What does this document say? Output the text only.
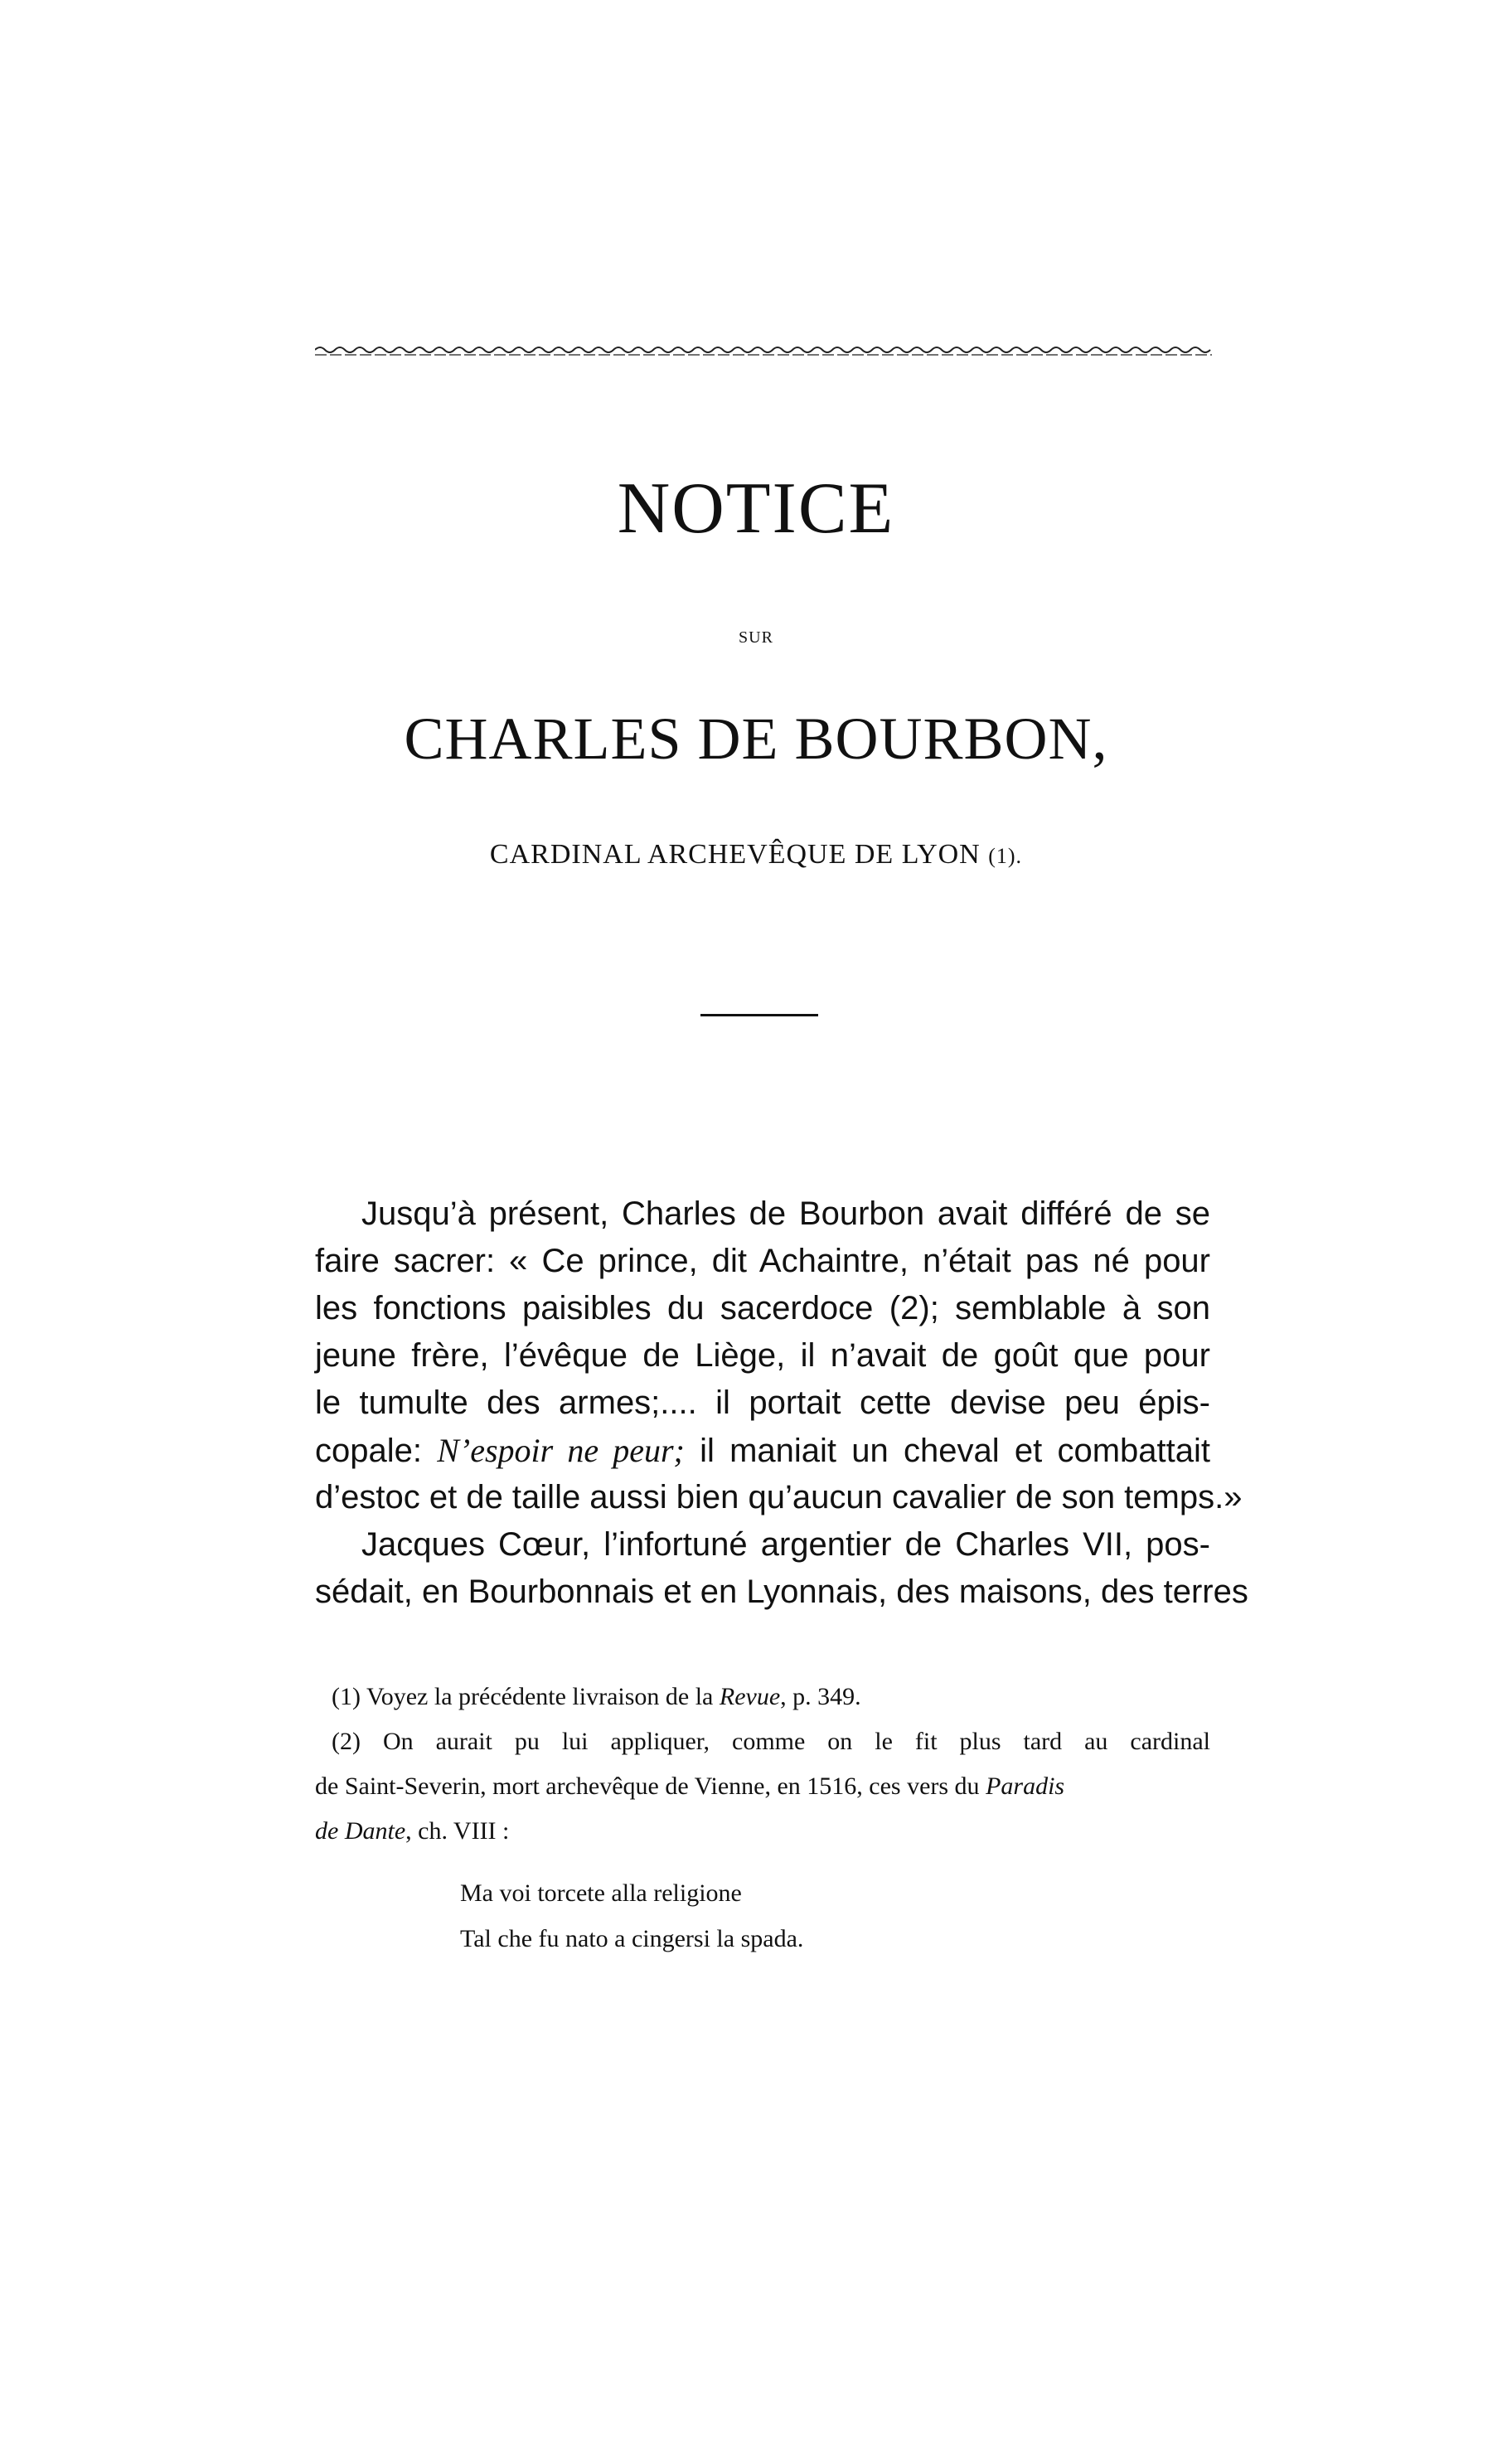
NOTICE
SUR
CHARLES DE BOURBON,
CARDINAL ARCHEVÊQUE DE LYON (1).
Jusqu’à présent, Charles de Bourbon avait différé de se
faire sacrer: « Ce prince, dit Achaintre, n’était pas né pour
les fonctions paisibles du sacerdoce (2); semblable à son
jeune frère, l’évêque de Liège, il n’avait de goût que pour
le tumulte des armes;.... il portait cette devise peu épis-
copale: N’espoir ne peur; il maniait un cheval et combattait
d’estoc et de taille aussi bien qu’aucun cavalier de son temps.»
Jacques Cœur, l’infortuné argentier de Charles VII, pos-
sédait, en Bourbonnais et en Lyonnais, des maisons, des terres
(1) Voyez la précédente livraison de la Revue, p. 349.
(2) On aurait pu lui appliquer, comme on le fit plus tard au cardinal
de Saint-Severin, mort archevêque de Vienne, en 1516, ces vers du Paradis
de Dante, ch. VIII :
Ma voi torcete alla religione
Tal che fu nato a cingersi la spada.
